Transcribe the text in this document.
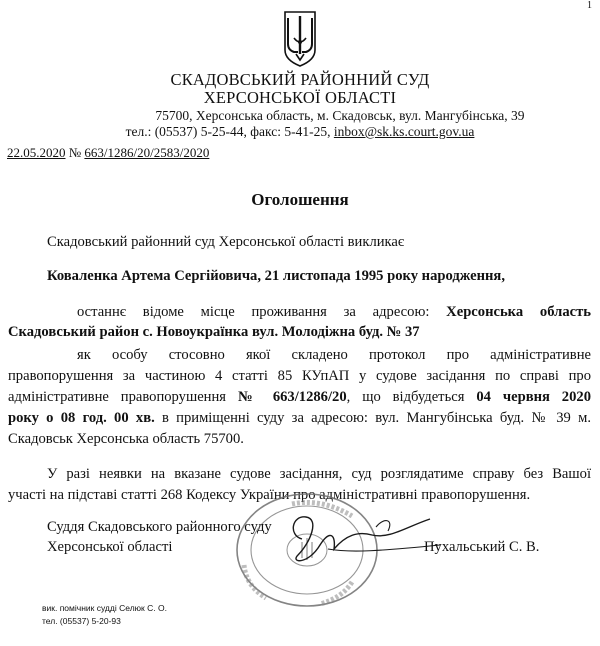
1
СКАДОВСЬКИЙ РАЙОННИЙ СУД
ХЕРСОНСЬКОЇ ОБЛАСТІ
75700, Херсонська область, м. Скадовськ, вул. Мангубінська, 39
тел.: (05537) 5-25-44, факс: 5-41-25, inbox@sk.ks.court.gov.ua
22.05.2020 № 663/1286/20/2583/2020
Оголошення
Скадовський районний суд Херсонської області викликає
Коваленка Артема Сергійовича, 21 листопада 1995 року народження,
останнє відоме місце проживання за адресою: Херсонська область
Скадовський район с. Новоукраїнка вул. Молодіжна буд. № 37
як особу стосовно якої складено протокол про адміністративне
правопорушення за частиною 4 статті 85 КУпАП у судове засідання по справі про
адміністративне правопорушення № 663/1286/20, що відбудеться 04 червня 2020
року о 08 год. 00 хв. в приміщенні суду за адресою: вул. Мангубінська буд. № 39 м.
Скадовськ Херсонська область 75700.
У разі неявки на вказане судове засідання, суд розглядатиме справу без Вашої
участі на підставі статті 268 Кодексу України про адміністративні правопорушення.
Суддя Скадовського районного суду
Херсонської області	Пухальський С. В.
вик. помічник судді Селюк С. О.
тел. (05537) 5-20-93
